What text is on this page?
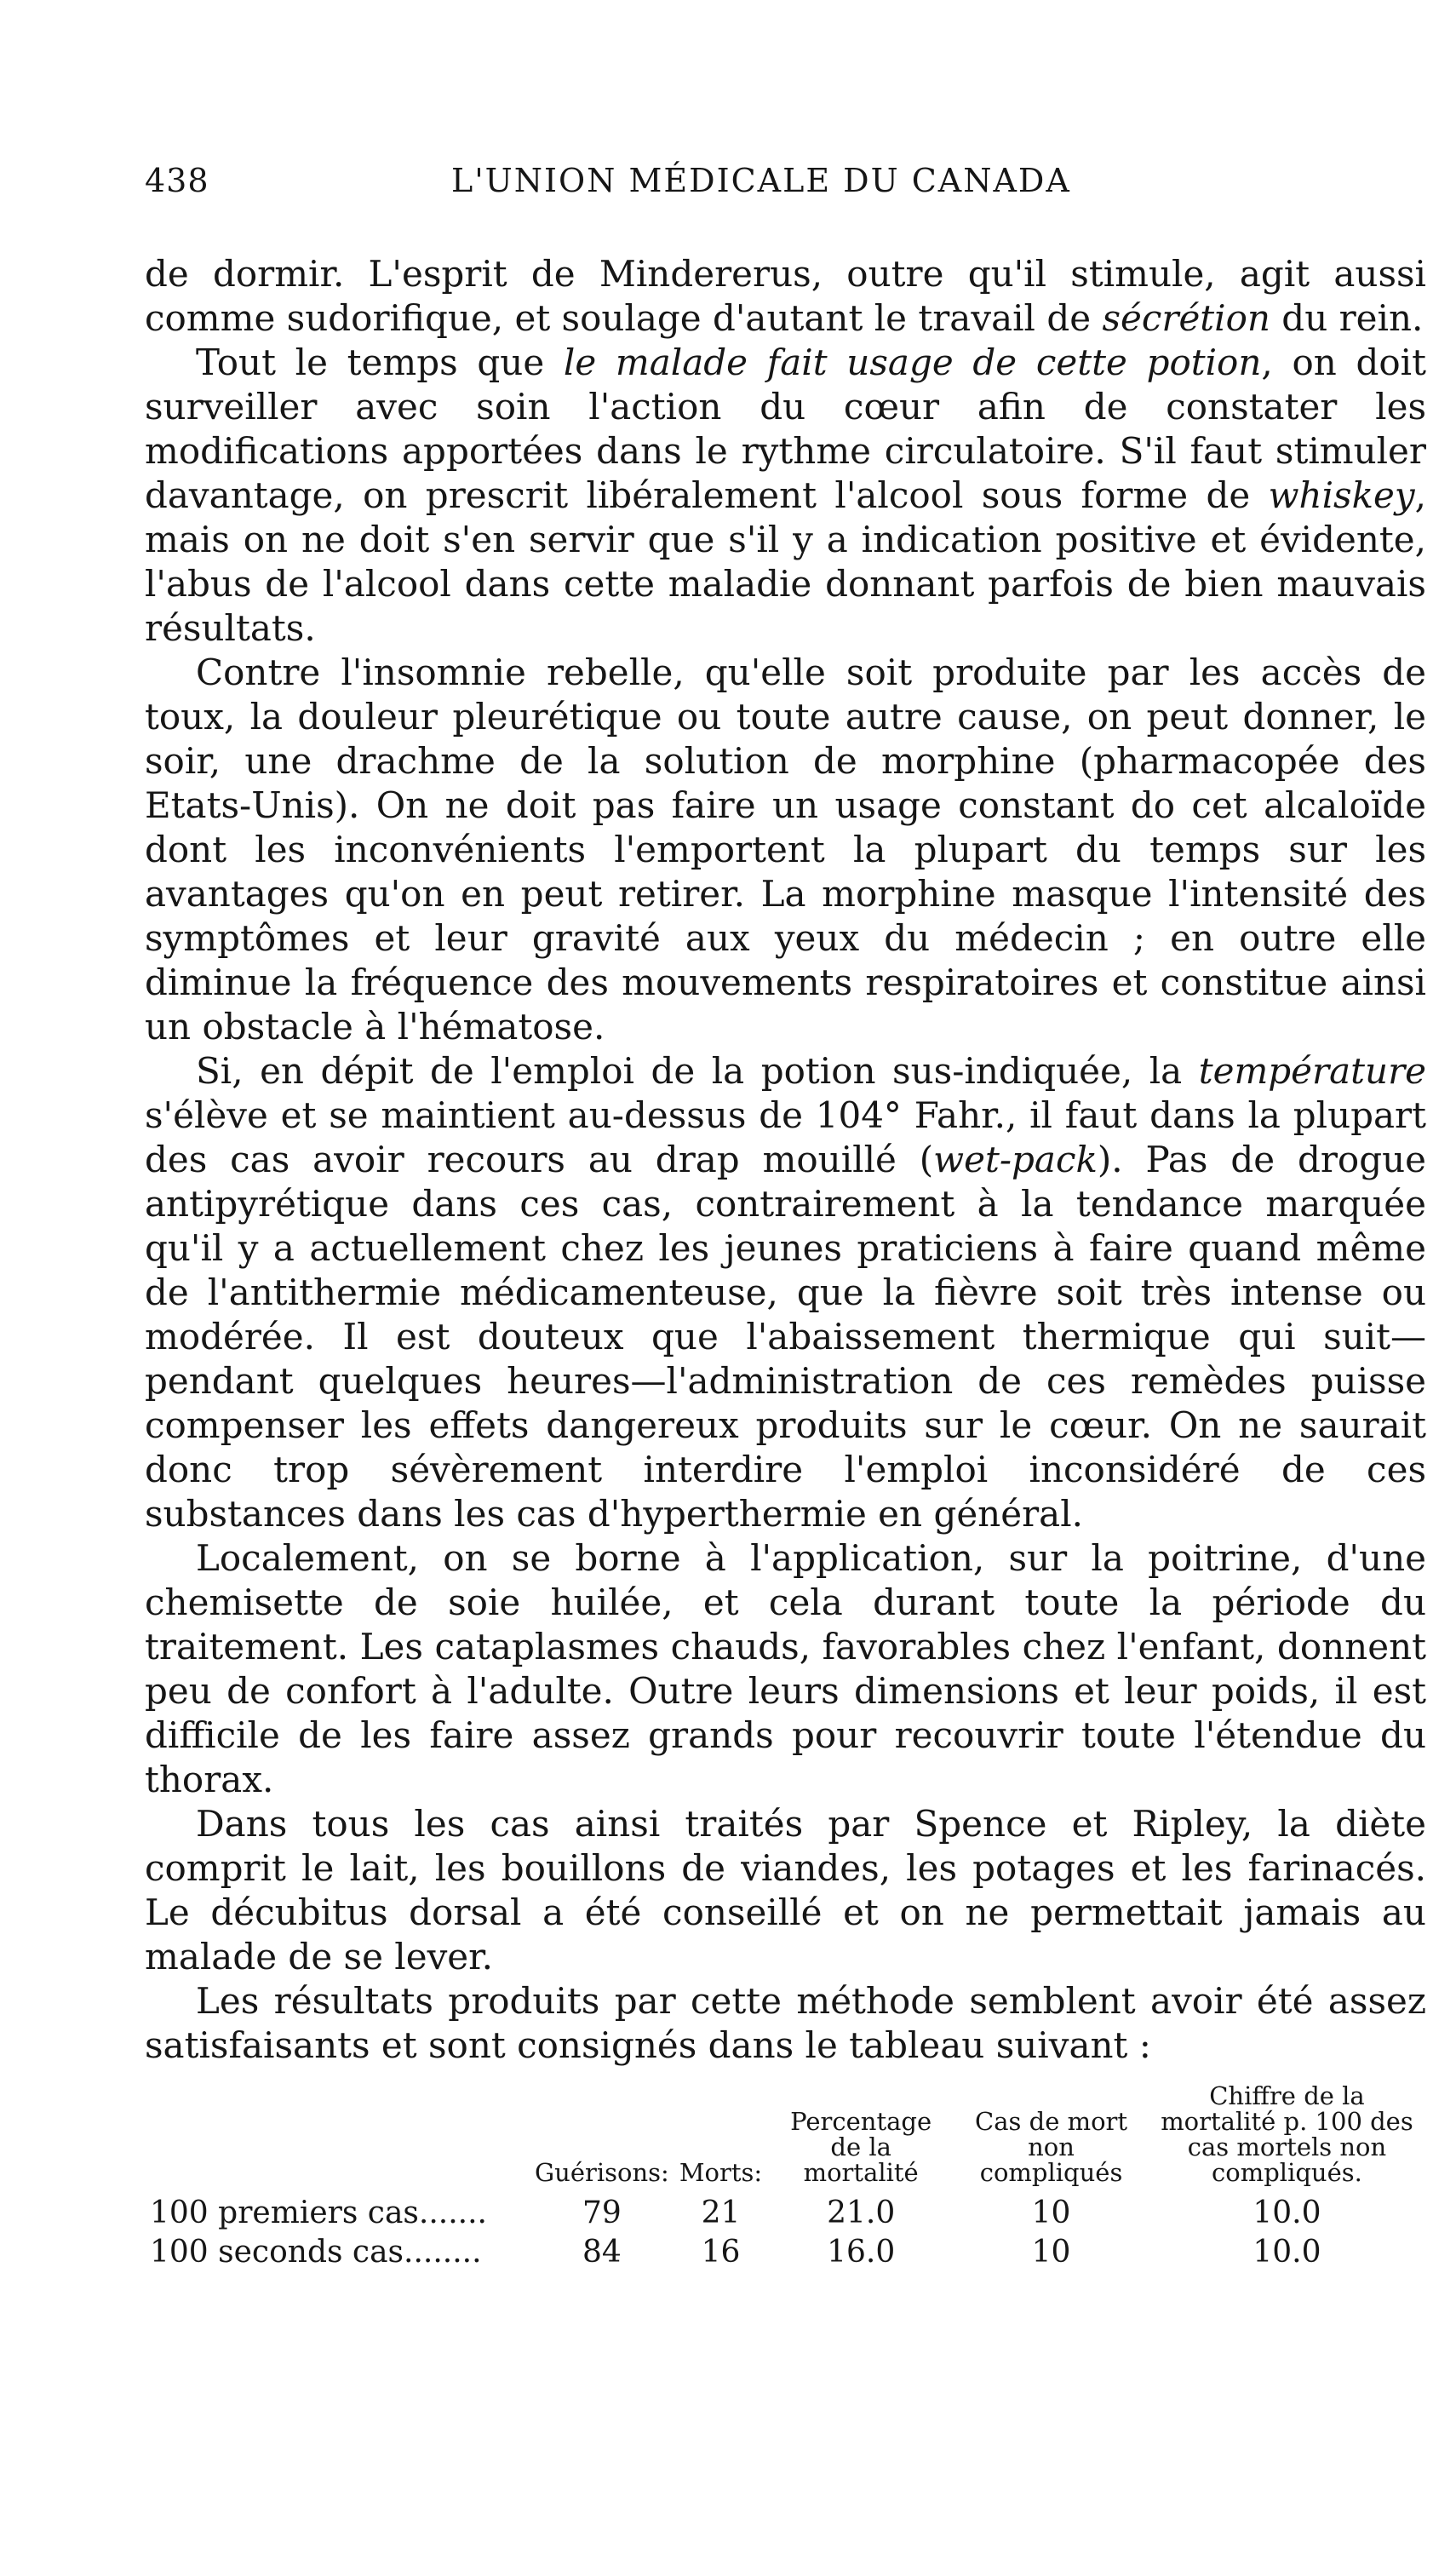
438	L'UNION MÉDICALE DU CANADA

de dormir. L'esprit de Mindererus, outre qu'il stimule, agit aussi comme sudorifique, et soulage d'autant le travail de sécrétion du rein.

Tout le temps que le malade fait usage de cette potion, on doit surveiller avec soin l'action du cœur afin de constater les modifications apportées dans le rythme circulatoire. S'il faut stimuler davantage, on prescrit libéralement l'alcool sous forme de whiskey, mais on ne doit s'en servir que s'il y a indication positive et évidente, l'abus de l'alcool dans cette maladie donnant parfois de bien mauvais résultats.

Contre l'insomnie rebelle, qu'elle soit produite par les accès de toux, la douleur pleurétique ou toute autre cause, on peut donner, le soir, une drachme de la solution de morphine (pharmacopée des Etats-Unis). On ne doit pas faire un usage constant do cet alcaloïde dont les inconvénients l'emportent la plupart du temps sur les avantages qu'on en peut retirer. La morphine masque l'intensité des symptômes et leur gravité aux yeux du médecin ; en outre elle diminue la fréquence des mouvements respiratoires et constitue ainsi un obstacle à l'hématose.

Si, en dépit de l'emploi de la potion sus-indiquée, la température s'élève et se maintient au-dessus de 104° Fahr., il faut dans la plupart des cas avoir recours au drap mouillé (wet-pack). Pas de drogue antipyrétique dans ces cas, contrairement à la tendance marquée qu'il y a actuellement chez les jeunes praticiens à faire quand même de l'antithermie médicamenteuse, que la fièvre soit très intense ou modérée. Il est douteux que l'abaissement thermique qui suit—pendant quelques heures—l'administration de ces remèdes puisse compenser les effets dangereux produits sur le cœur. On ne saurait donc trop sévèrement interdire l'emploi inconsidéré de ces substances dans les cas d'hyperthermie en général.

Localement, on se borne à l'application, sur la poitrine, d'une chemisette de soie huilée, et cela durant toute la période du traitement. Les cataplasmes chauds, favorables chez l'enfant, donnent peu de confort à l'adulte. Outre leurs dimensions et leur poids, il est difficile de les faire assez grands pour recouvrir toute l'étendue du thorax.

Dans tous les cas ainsi traités par Spence et Ripley, la diète comprit le lait, les bouillons de viandes, les potages et les farinacés. Le décubitus dorsal a été conseillé et on ne permettait jamais au malade de se lever.

Les résultats produits par cette méthode semblent avoir été assez satisfaisants et sont consignés dans le tableau suivant :

	Guérisons:	Morts:	Percentage de la mortalité	Cas de mort non compliqués	Chiffre de la mortalité p. 100 des cas mortels non compliqués.
100 premiers cas.......	79	21	21.0	10	10.0
100 seconds cas........	84	16	16.0	10	10.0
